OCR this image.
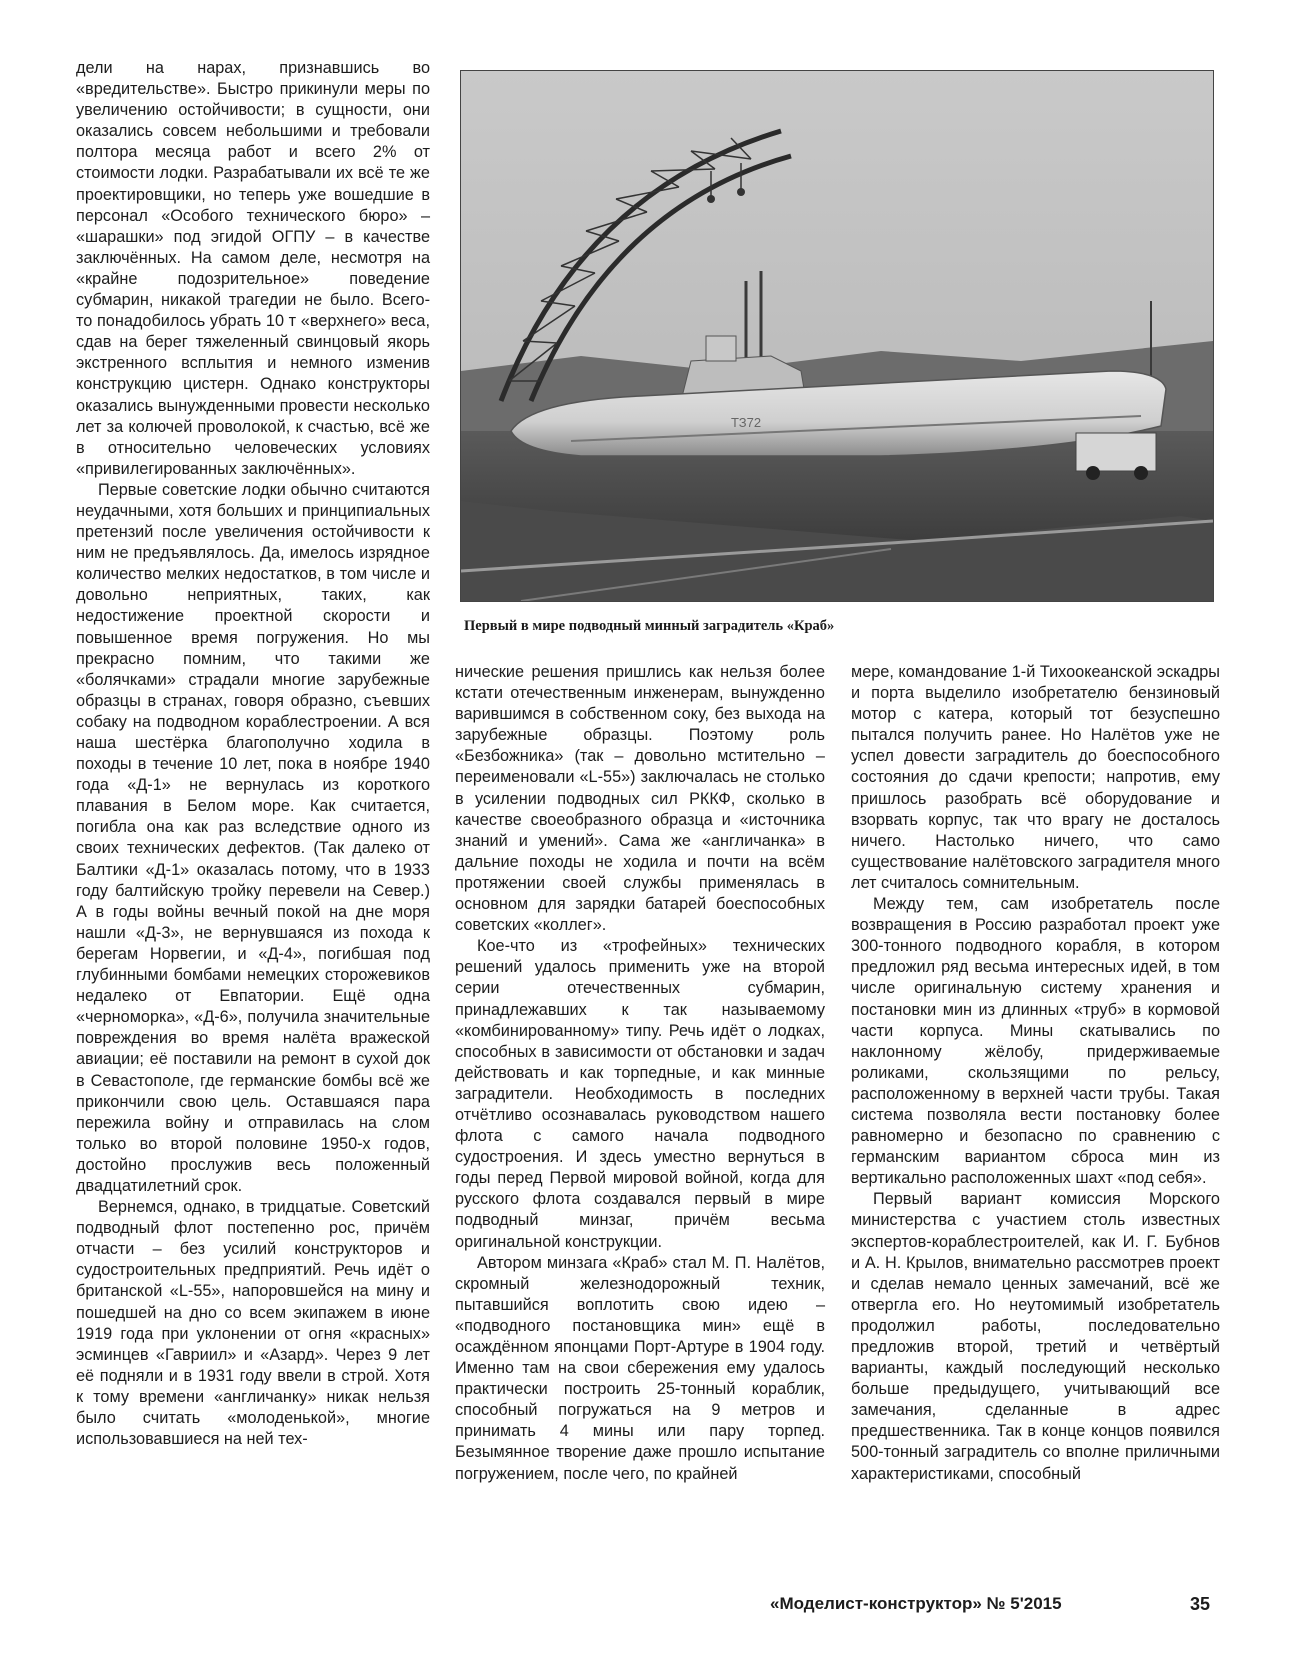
дели на нарах, признавшись во «вредительстве». Быстро прикинули меры по увеличению остойчивости; в сущности, они оказались совсем небольшими и требовали полтора месяца работ и всего 2% от стоимости лодки. Разрабатывали их всё те же проектировщики, но теперь уже вошедшие в персонал «Особого технического бюро» – «шарашки» под эгидой ОГПУ – в качестве заключённых. На самом деле, несмотря на «крайне подозрительное» поведение субмарин, никакой трагедии не было. Всего-то понадобилось убрать 10 т «верхнего» веса, сдав на берег тяжеленный свинцовый якорь экстренного всплытия и немного изменив конструкцию цистерн. Однако конструкторы оказались вынужденными провести несколько лет за колючей проволокой, к счастью, всё же в относительно человеческих условиях «привилегированных заключённых».

Первые советские лодки обычно считаются неудачными, хотя больших и принципиальных претензий после увеличения остойчивости к ним не предъявлялось. Да, имелось изрядное количество мелких недостатков, в том числе и довольно неприятных, таких, как недостижение проектной скорости и повышенное время погружения. Но мы прекрасно помним, что такими же «болячками» страдали многие зарубежные образцы в странах, говоря образно, съевших собаку на подводном кораблестроении. А вся наша шестёрка благополучно ходила в походы в течение 10 лет, пока в ноябре 1940 года «Д-1» не вернулась из короткого плавания в Белом море. Как считается, погибла она как раз вследствие одного из своих технических дефектов. (Так далеко от Балтики «Д-1» оказалась потому, что в 1933 году балтийскую тройку перевели на Север.) А в годы войны вечный покой на дне моря нашли «Д-3», не вернувшаяся из похода к берегам Норвегии, и «Д-4», погибшая под глубинными бомбами немецких сторожевиков недалеко от Евпатории. Ещё одна «черноморка», «Д-6», получила значительные повреждения во время налёта вражеской авиации; её поставили на ремонт в сухой док в Севастополе, где германские бомбы всё же прикончили свою цель. Оставшаяся пара пережила войну и отправилась на слом только во второй половине 1950-х годов, достойно прослужив весь положенный двадцатилетний срок.

Вернемся, однако, в тридцатые. Советский подводный флот постепенно рос, причём отчасти – без усилий конструкторов и судостроительных предприятий. Речь идёт о британской «L-55», напоровшейся на мину и пошедшей на дно со всем экипажем в июне 1919 года при уклонении от огня «красных» эсминцев «Гавриил» и «Азард». Через 9 лет её подняли и в 1931 году ввели в строй. Хотя к тому времени «англичанку» никак нельзя было считать «молоденькой», многие использовавшиеся на ней тех-

ТЗ72
Первый в мире подводный минный заградитель «Краб»

нические решения пришлись как нельзя более кстати отечественным инженерам, вынужденно варившимся в собственном соку, без выхода на зарубежные образцы. Поэтому роль «Безбожника» (так – довольно мстительно – переименовали «L-55») заключалась не столько в усилении подводных сил РККФ, сколько в качестве своеобразного образца и «источника знаний и умений». Сама же «англичанка» в дальние походы не ходила и почти на всём протяжении своей службы применялась в основном для зарядки батарей боеспособных советских «коллег».

Кое-что из «трофейных» технических решений удалось применить уже на второй серии отечественных субмарин, принадлежавших к так называемому «комбинированному» типу. Речь идёт о лодках, способных в зависимости от обстановки и задач действовать и как торпедные, и как минные заградители. Необходимость в последних отчётливо осознавалась руководством нашего флота с самого начала подводного судостроения. И здесь уместно вернуться в годы перед Первой мировой войной, когда для русского флота создавался первый в мире подводный минзаг, причём весьма оригинальной конструкции.

Автором минзага «Краб» стал М. П. Налётов, скромный железнодорожный техник, пытавшийся воплотить свою идею – «подводного постановщика мин» ещё в осаждённом японцами Порт-Артуре в 1904 году. Именно там на свои сбережения ему удалось практически построить 25-тонный кораблик, способный погружаться на 9 метров и принимать 4 мины или пару торпед. Безымянное творение даже прошло испытание погружением, после чего, по крайней

мере, командование 1-й Тихоокеанской эскадры и порта выделило изобретателю бензиновый мотор с катера, который тот безуспешно пытался получить ранее. Но Налётов уже не успел довести заградитель до боеспособного состояния до сдачи крепости; напротив, ему пришлось разобрать всё оборудование и взорвать корпус, так что врагу не досталось ничего. Настолько ничего, что само существование налётовского заградителя много лет считалось сомнительным.

Между тем, сам изобретатель после возвращения в Россию разработал проект уже 300-тонного подводного корабля, в котором предложил ряд весьма интересных идей, в том числе оригинальную систему хранения и постановки мин из длинных «труб» в кормовой части корпуса. Мины скатывались по наклонному жёлобу, придерживаемые роликами, скользящими по рельсу, расположенному в верхней части трубы. Такая система позволяла вести постановку более равномерно и безопасно по сравнению с германским вариантом сброса мин из вертикально расположенных шахт «под себя».

Первый вариант комиссия Морского министерства с участием столь известных экспертов-кораблестроителей, как И. Г. Бубнов и А. Н. Крылов, внимательно рассмотрев проект и сделав немало ценных замечаний, всё же отвергла его. Но неутомимый изобретатель продолжил работы, последовательно предложив второй, третий и четвёртый варианты, каждый последующий несколько больше предыдущего, учитывающий все замечания, сделанные в адрес предшественника. Так в конце концов появился 500-тонный заградитель со вполне приличными характеристиками, способный

«Моделист-конструктор» № 5'2015	35
